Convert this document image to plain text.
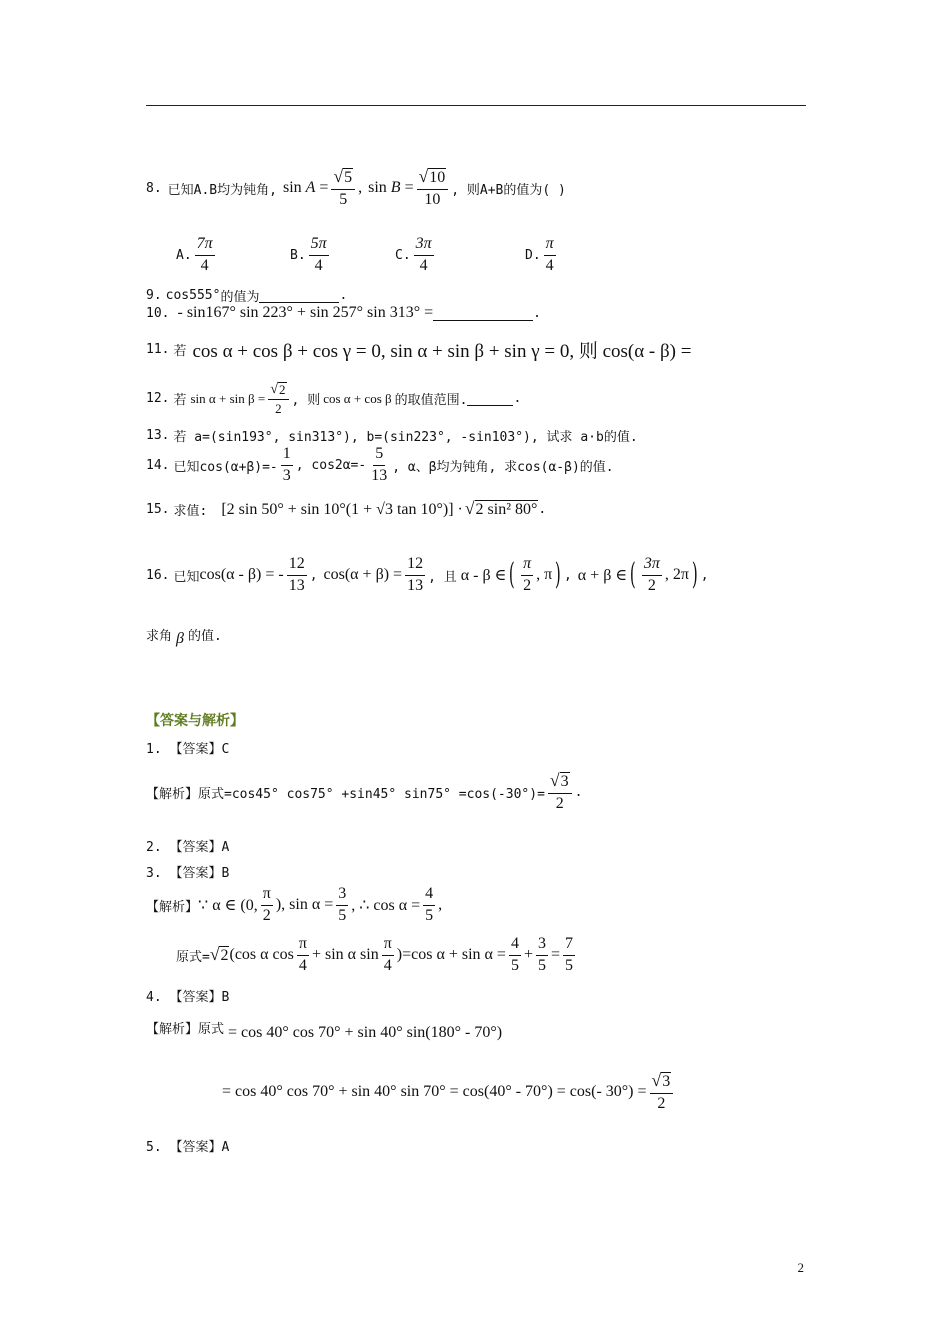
8. 已知A.B均为钝角, $\sin A = \frac{√ 5}{5}$ , $\sin B = \frac{√ 10}{10}$ , 则A+B的值为( )
A. $\frac{7\pi}{4}$	B. $\frac{5\pi}{4}$	C. $\frac{3\pi}{4}$	D. $\frac{\pi}{4}$
9. cos555° 的值为	.
10. - sin167° sin 223° + sin 257° sin 313° =	.
11. 若 cos α + cos β + cos γ = 0, sin α + sin β + sin γ = 0, 则 cos(α - β) =
12. 若 $\sin \alpha + \sin \beta = \frac{√ 2}{2}$ , 则 cos α + cos β 的取值范围.	.
13. 若 a=(sin193°, sin313°), b=(sin223°, -sin103°), 试求 a·b的值.
14. 已知$\cos(\alpha+\beta)=- \frac{1}{3}$ , $\cos 2\alpha=- \frac{5}{13}$ , α、β均为钝角, 求cos(α-β)的值.
15. 求值: [2 sin 50° + sin 10°(1 + √3 tan 10°)] · √ 2 sin² 80° .
16. 已知 cos(α - β) = - $\frac{12}{13}$ , $\cos(\alpha + \beta) = \frac{12}{13}$ , 且 α - β ∈ ( $\frac{\pi}{2}$ , π ) , α + β ∈ ( $\frac{3\pi}{2}$ , 2π ) ,
求角 β 的值.
【答案与解析】
1. 【答案】C
【解析】原式=cos45° cos75° +sin45° $\sin 75^\circ =\cos(-30^\circ)= \frac{√ 3}{2}$ .
2. 【答案】A
3. 【答案】B
【解析】 ∵ α ∈ (0, $\frac{\pi}{2}$ ), $\sin \alpha = \frac{3}{5}$ , ∴ $\cos \alpha = \frac{4}{5}$ ,
原式= √ 2 (cos α $\cos \frac{\pi}{4} + \sin \alpha$ $\sin \frac{\pi}{4} )=\cos$ $\alpha + \sin \alpha = \frac{4}{5} + \frac{3}{5} = \frac{7}{5}$
4. 【答案】B
【解析】原式 = cos 40° cos 70° + sin 40° sin(180° - 70°)
= cos 40° cos 70° + sin 40° sin 70° = cos(40° - 70°) = cos(- $30^\circ) = \frac{√ 3}{2}$
5. 【答案】A
2
